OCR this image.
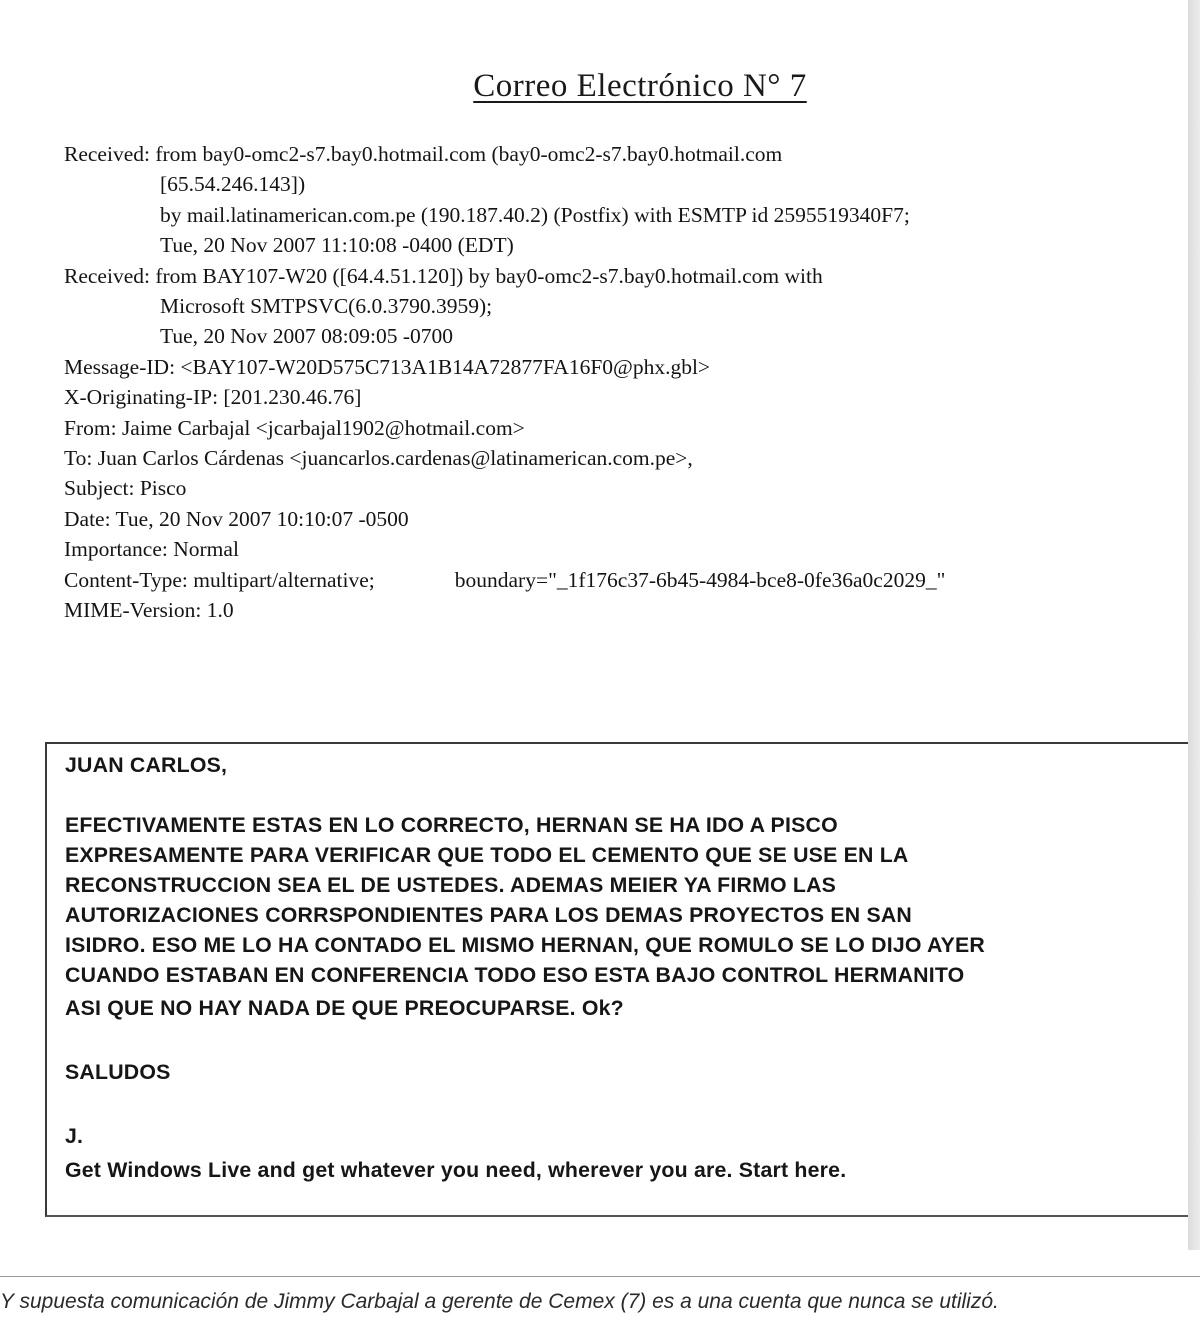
Correo Electrónico N° 7
Received: from bay0-omc2-s7.bay0.hotmail.com (bay0-omc2-s7.bay0.hotmail.com
[65.54.246.143])
by mail.latinamerican.com.pe (190.187.40.2) (Postfix) with ESMTP id 2595519340F7;
Tue, 20 Nov 2007 11:10:08 -0400 (EDT)
Received: from BAY107-W20 ([64.4.51.120]) by bay0-omc2-s7.bay0.hotmail.com with
Microsoft SMTPSVC(6.0.3790.3959);
Tue, 20 Nov 2007 08:09:05 -0700
Message-ID: <BAY107-W20D575C713A1B14A72877FA16F0@phx.gbl>
X-Originating-IP: [201.230.46.76]
From: Jaime Carbajal <jcarbajal1902@hotmail.com>
To: Juan Carlos Cárdenas <juancarlos.cardenas@latinamerican.com.pe>,
Subject: Pisco
Date: Tue, 20 Nov 2007 10:10:07 -0500
Importance: Normal
Content-Type: multipart/alternative;	boundary="_1f176c37-6b45-4984-bce8-0fe36a0c2029_"
MIME-Version: 1.0
JUAN CARLOS,
EFECTIVAMENTE ESTAS EN LO CORRECTO, HERNAN SE HA IDO A PISCO
EXPRESAMENTE PARA VERIFICAR QUE TODO EL CEMENTO QUE SE USE EN LA
RECONSTRUCCION SEA EL DE USTEDES. ADEMAS MEIER YA FIRMO LAS
AUTORIZACIONES CORRSPONDIENTES PARA LOS DEMAS PROYECTOS EN SAN
ISIDRO. ESO ME LO HA CONTADO EL MISMO HERNAN, QUE ROMULO SE LO DIJO AYER
CUANDO ESTABAN EN CONFERENCIA TODO ESO ESTA BAJO CONTROL HERMANITO
ASI QUE NO HAY NADA DE QUE PREOCUPARSE. Ok?
SALUDOS
J.
Get Windows Live and get whatever you need, wherever you are. Start here.
Y supuesta comunicación de Jimmy Carbajal a gerente de Cemex (7) es a una cuenta que nunca se utilizó.
